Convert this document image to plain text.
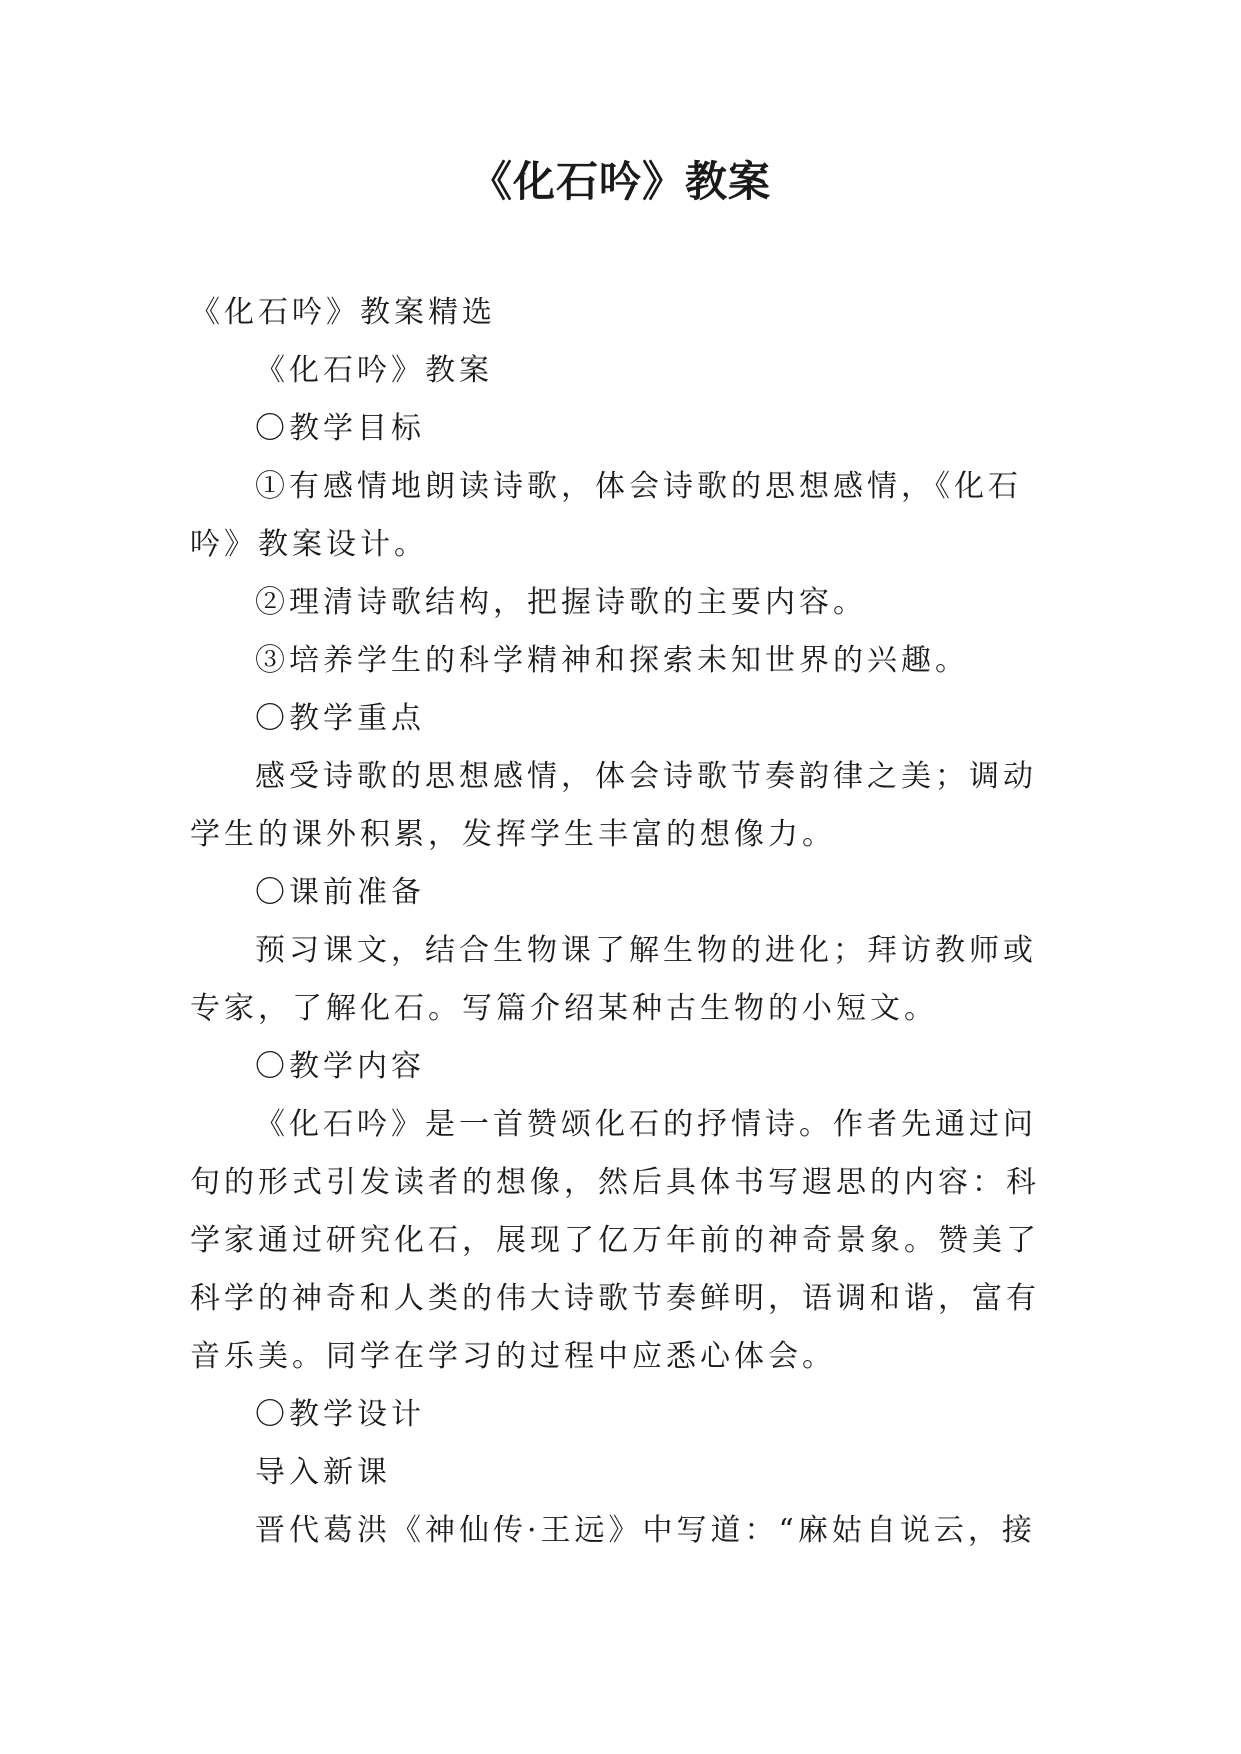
《化石吟》教案

《化石吟》教案精选

《化石吟》教案

〇教学目标

①有感情地朗读诗歌，体会诗歌的思想感情，《化石吟》教案设计。

②理清诗歌结构，把握诗歌的主要内容。

③培养学生的科学精神和探索未知世界的兴趣。

〇教学重点

感受诗歌的思想感情，体会诗歌节奏韵律之美；调动学生的课外积累，发挥学生丰富的想像力。

〇课前准备

预习课文，结合生物课了解生物的进化；拜访教师或专家，了解化石。写篇介绍某种古生物的小短文。

〇教学内容

《化石吟》是一首赞颂化石的抒情诗。作者先通过问句的形式引发读者的想像，然后具体书写遐思的内容：科学家通过研究化石，展现了亿万年前的神奇景象。赞美了科学的神奇和人类的伟大诗歌节奏鲜明，语调和谐，富有音乐美。同学在学习的过程中应悉心体会。

〇教学设计

导入新课

晋代葛洪《神仙传·王远》中写道：“麻姑自说云，接
